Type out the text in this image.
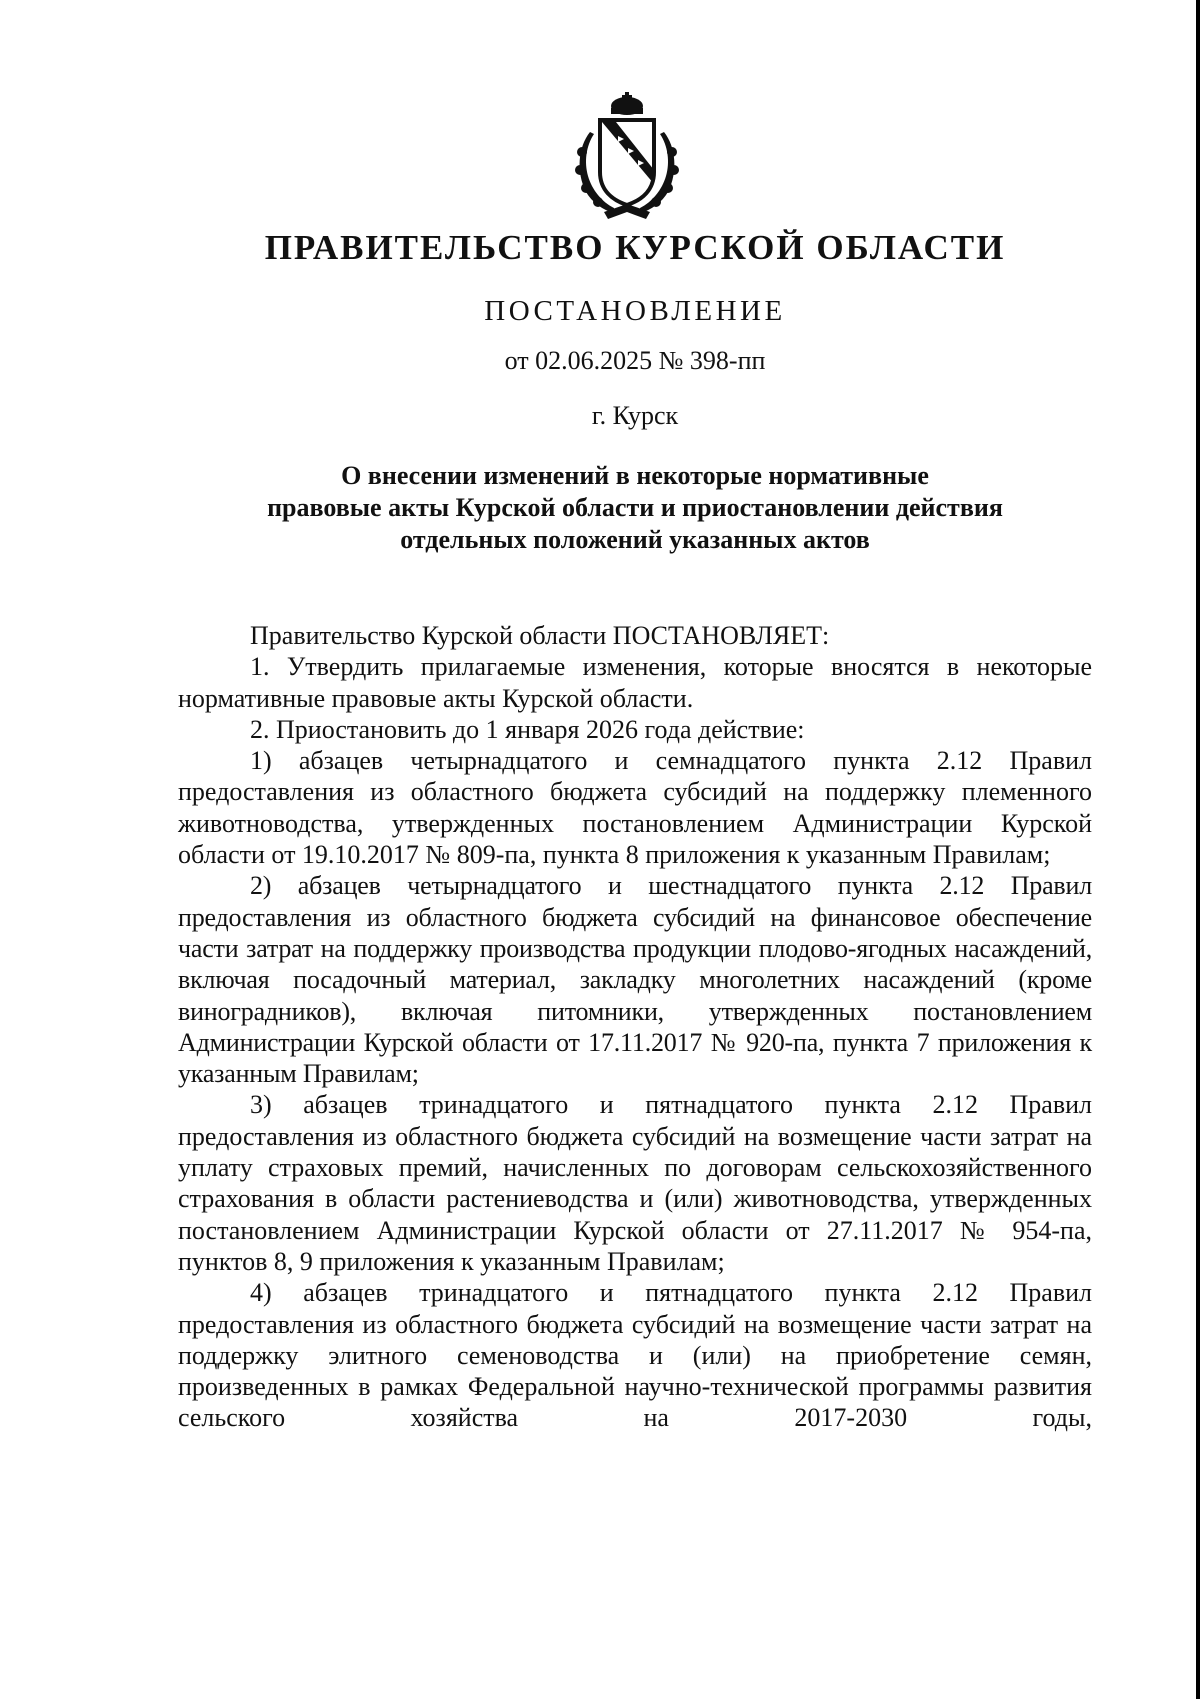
ПРАВИТЕЛЬСТВО КУРСКОЙ ОБЛАСТИ
ПОСТАНОВЛЕНИЕ
от 02.06.2025 № 398-пп
г. Курск
О внесении изменений в некоторые нормативные
правовые акты Курской области и приостановлении действия
отдельных положений указанных актов

Правительство Курской области ПОСТАНОВЛЯЕТ:

1. Утвердить прилагаемые изменения, которые вносятся в некоторые нормативные правовые акты Курской области.

2. Приостановить до 1 января 2026 года действие:

1) абзацев четырнадцатого и семнадцатого пункта 2.12 Правил предоставления из областного бюджета субсидий на поддержку племенного животноводства, утвержденных постановлением Администрации Курской области от 19.10.2017 № 809-па, пункта 8 приложения к указанным Правилам;

2) абзацев четырнадцатого и шестнадцатого пункта 2.12 Правил предоставления из областного бюджета субсидий на финансовое обеспечение части затрат на поддержку производства продукции плодово-ягодных насаждений, включая посадочный материал, закладку многолетних насаждений (кроме виноградников), включая питомники, утвержденных постановлением Администрации Курской области от 17.11.2017 № 920-па, пункта 7 приложения к указанным Правилам;

3) абзацев тринадцатого и пятнадцатого пункта 2.12 Правил предоставления из областного бюджета субсидий на возмещение части затрат на уплату страховых премий, начисленных по договорам сельскохозяйственного страхования в области растениеводства и (или) животноводства, утвержденных постановлением Администрации Курской области от 27.11.2017 № 954-па, пунктов 8, 9 приложения к указанным Правилам;

4) абзацев тринадцатого и пятнадцатого пункта 2.12 Правил предоставления из областного бюджета субсидий на возмещение части затрат на поддержку элитного семеноводства и (или) на приобретение семян, произведенных в рамках Федеральной научно-технической программы развития сельского хозяйства на 2017-2030 годы,
